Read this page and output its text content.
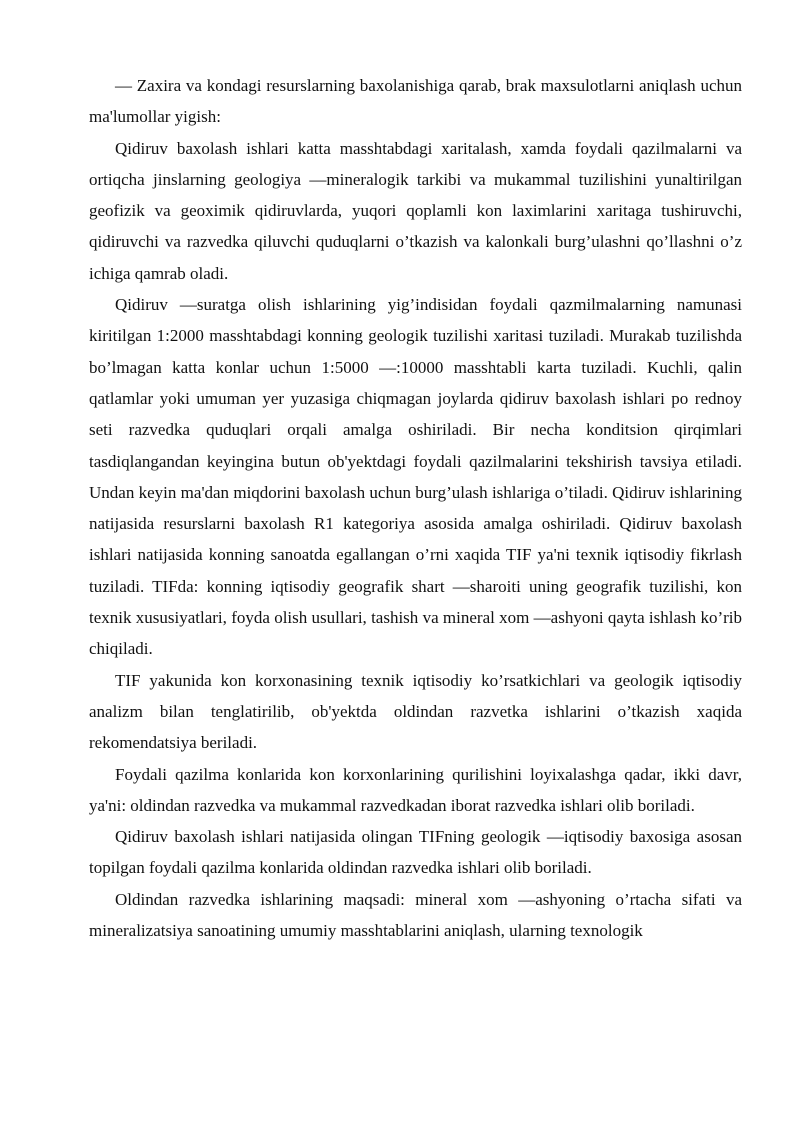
— Zaxira va kondagi resurslarning baxolanishiga qarab, brak maxsulotlarni aniqlash uchun ma'lumollar yigish:

Qidiruv baxolash ishlari katta masshtabdagi xaritalash, xamda foydali qazilmalarni va ortiqcha jinslarning geologiya —mineralogik tarkibi va mukammal tuzilishini yunaltirilgan geofizik va geoximik qidiruvlarda, yuqori qoplamli kon laximlarini xaritaga tushiruvchi, qidiruvchi va razvedka qiluvchi quduqlarni o’tkazish va kalonkali burg’ulashni qo’llashni o’z ichiga qamrab oladi.

Qidiruv —suratga olish ishlarining yig’indisidan foydali qazmilmalarning namunasi kiritilgan 1:2000 masshtabdagi konning geologik tuzilishi xaritasi tuziladi. Murakab tuzilishda bo’lmagan katta konlar uchun 1:5000 —:10000 masshtabli karta tuziladi. Kuchli, qalin qatlamlar yoki umuman yer yuzasiga chiqmagan joylarda qidiruv baxolash ishlari po rednoy seti razvedka quduqlari orqali amalga oshiriladi. Bir necha konditsion qirqimlari tasdiqlangandan keyingina butun ob'yektdagi foydali qazilmalarini tekshirish tavsiya etiladi. Undan keyin ma'dan miqdorini baxolash uchun burg’ulash ishlariga o’tiladi. Qidiruv ishlarining natijasida resurslarni baxolash R1 kategoriya asosida amalga oshiriladi. Qidiruv baxolash ishlari natijasida konning sanoatda egallangan o’rni xaqida TIF ya'ni texnik iqtisodiy fikrlash tuziladi. TIFda: konning iqtisodiy geografik shart —sharoiti uning geografik tuzilishi, kon texnik xususiyatlari, foyda olish usullari, tashish va mineral xom —ashyoni qayta ishlash ko’rib chiqiladi.

TIF yakunida kon korxonasining texnik iqtisodiy ko’rsatkichlari va geologik iqtisodiy analizm bilan tenglatirilib, ob'yektda oldindan razvetka ishlarini o’tkazish xaqida rekomendatsiya beriladi.

Foydali qazilma konlarida kon korxonlarining qurilishini loyixalashga qadar, ikki davr, ya'ni: oldindan razvedka va mukammal razvedkadan iborat razvedka ishlari olib boriladi.

Qidiruv baxolash ishlari natijasida olingan TIFning geologik —iqtisodiy baxosiga asosan topilgan foydali qazilma konlarida oldindan razvedka ishlari olib boriladi.

Oldindan razvedka ishlarining maqsadi: mineral xom —ashyoning o’rtacha sifati va mineralizatsiya sanoatining umumiy masshtablarini aniqlash, ularning texnologik
